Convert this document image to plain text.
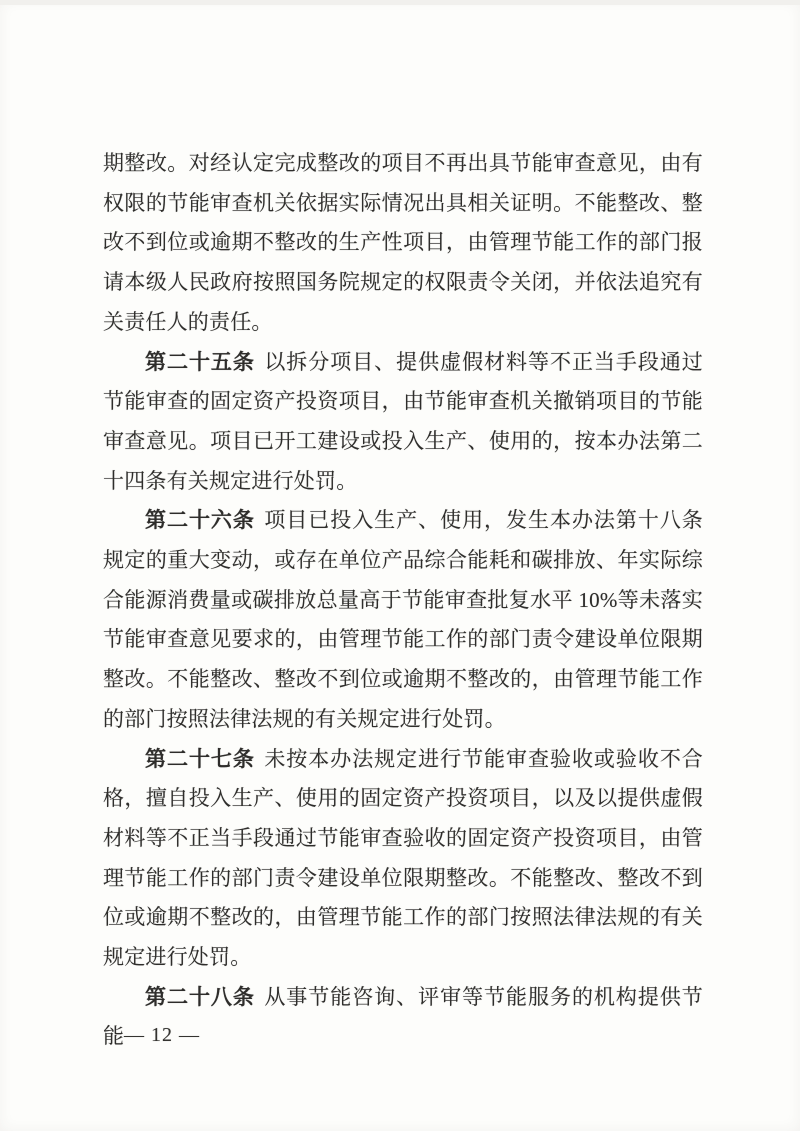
期整改。对经认定完成整改的项目不再出具节能审查意见，由有权限的节能审查机关依据实际情况出具相关证明。不能整改、整改不到位或逾期不整改的生产性项目，由管理节能工作的部门报请本级人民政府按照国务院规定的权限责令关闭，并依法追究有关责任人的责任。

第二十五条 以拆分项目、提供虚假材料等不正当手段通过节能审查的固定资产投资项目，由节能审查机关撤销项目的节能审查意见。项目已开工建设或投入生产、使用的，按本办法第二十四条有关规定进行处罚。

第二十六条 项目已投入生产、使用，发生本办法第十八条规定的重大变动，或存在单位产品综合能耗和碳排放、年实际综合能源消费量或碳排放总量高于节能审查批复水平 10%等未落实节能审查意见要求的，由管理节能工作的部门责令建设单位限期整改。不能整改、整改不到位或逾期不整改的，由管理节能工作的部门按照法律法规的有关规定进行处罚。

第二十七条 未按本办法规定进行节能审查验收或验收不合格，擅自投入生产、使用的固定资产投资项目，以及以提供虚假材料等不正当手段通过节能审查验收的固定资产投资项目，由管理节能工作的部门责令建设单位限期整改。不能整改、整改不到位或逾期不整改的，由管理节能工作的部门按照法律法规的有关规定进行处罚。

第二十八条 从事节能咨询、评审等节能服务的机构提供节能 — 12 —
